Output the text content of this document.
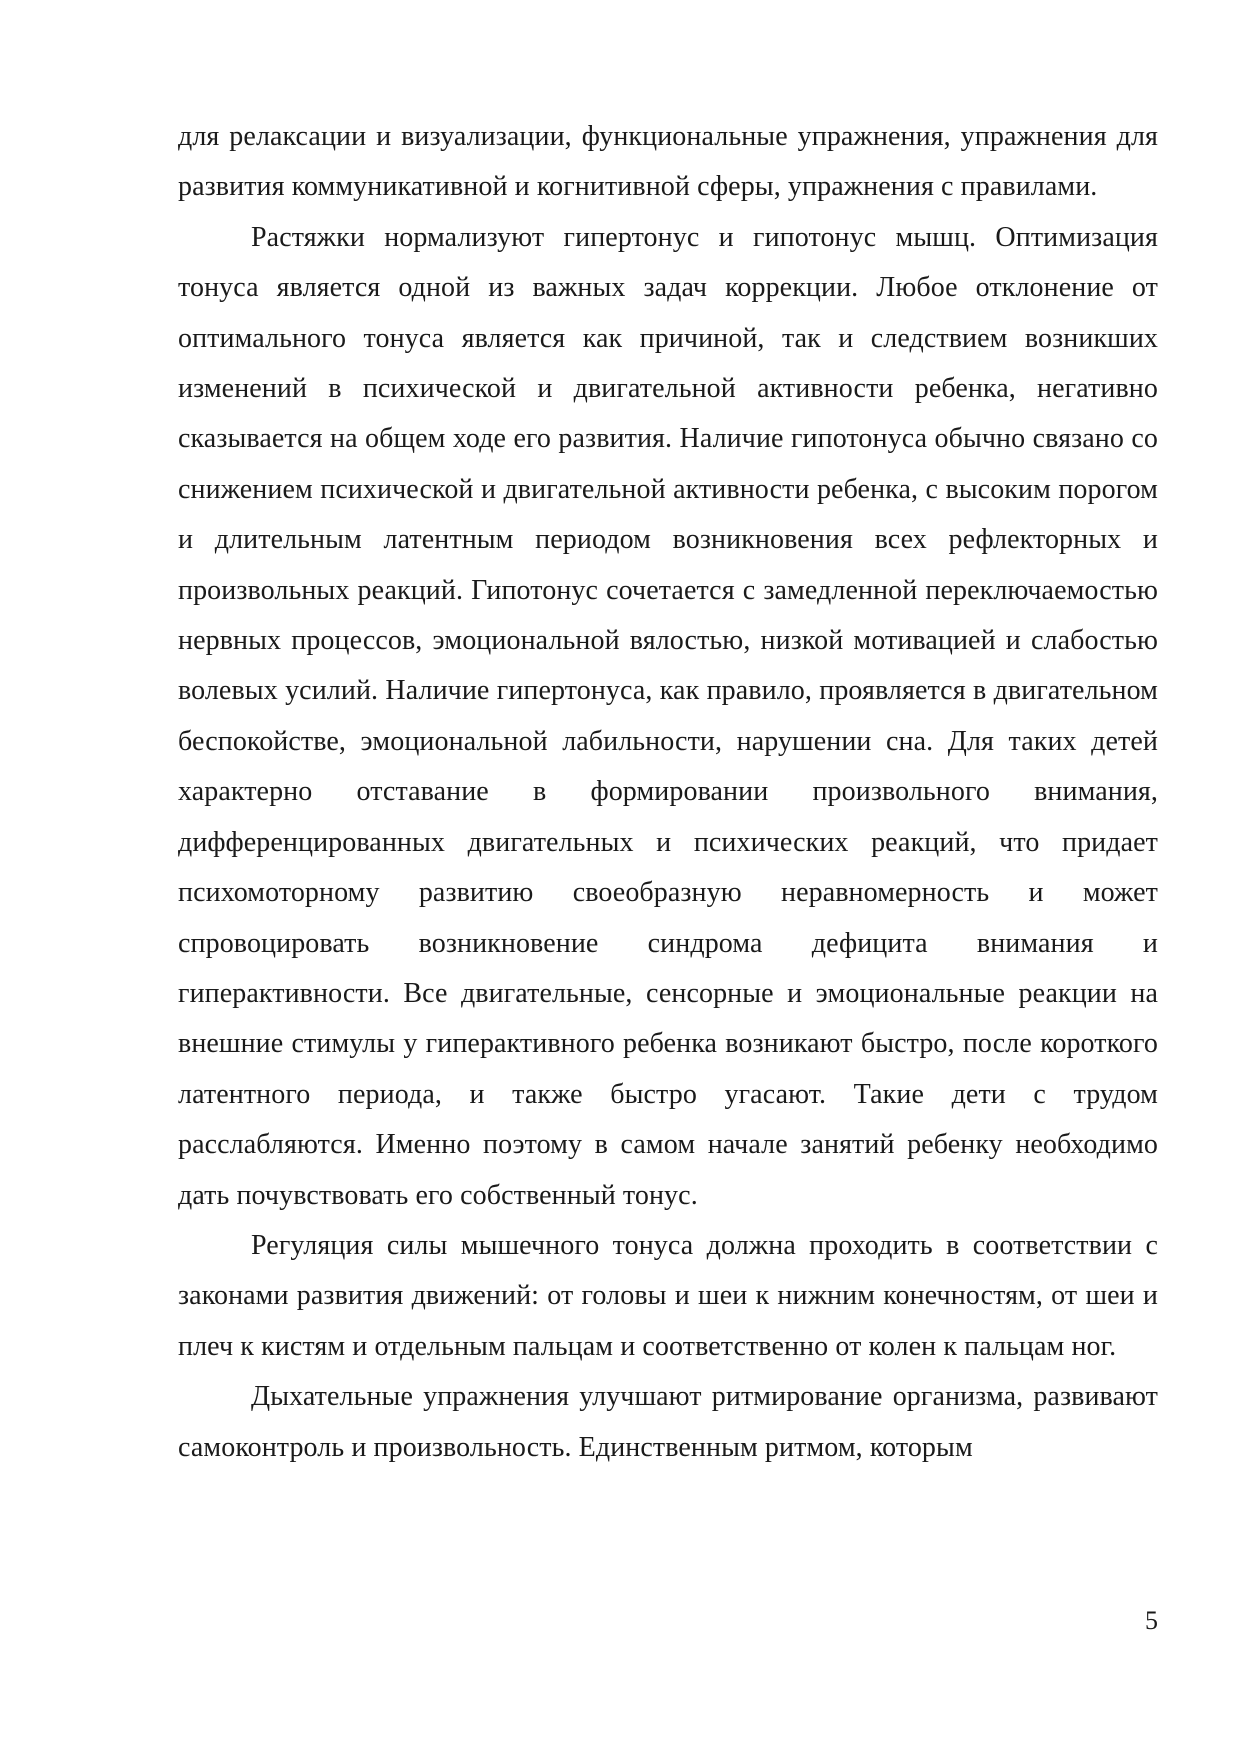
для релаксации и визуализации, функциональные упражнения, упражнения для развития коммуникативной и когнитивной сферы, упражнения с правилами.

Растяжки нормализуют гипертонус и гипотонус мышц. Оптимизация тонуса является одной из важных задач коррекции. Любое отклонение от оптимального тонуса является как причиной, так и следствием возникших изменений в психической и двигательной активности ребенка, негативно сказывается на общем ходе его развития. Наличие гипотонуса обычно связано со снижением психической и двигательной активности ребенка, с высоким порогом и длительным латентным периодом возникновения всех рефлекторных и произвольных реакций. Гипотонус сочетается с замедленной переключаемостью нервных процессов, эмоциональной вялостью, низкой мотивацией и слабостью волевых усилий. Наличие гипертонуса, как правило, проявляется в двигательном беспокойстве, эмоциональной лабильности, нарушении сна. Для таких детей характерно отставание в формировании произвольного внимания, дифференцированных двигательных и психических реакций, что придает психомоторному развитию своеобразную неравномерность и может спровоцировать возникновение синдрома дефицита внимания и гиперактивности. Все двигательные, сенсорные и эмоциональные реакции на внешние стимулы у гиперактивного ребенка возникают быстро, после короткого латентного периода, и также быстро угасают. Такие дети с трудом расслабляются. Именно поэтому в самом начале занятий ребенку необходимо дать почувствовать его собственный тонус.

Регуляция силы мышечного тонуса должна проходить в соответствии с законами развития движений: от головы и шеи к нижним конечностям, от шеи и плеч к кистям и отдельным пальцам и соответственно от колен к пальцам ног.

Дыхательные упражнения улучшают ритмирование организма, развивают самоконтроль и произвольность. Единственным ритмом, которым

5
